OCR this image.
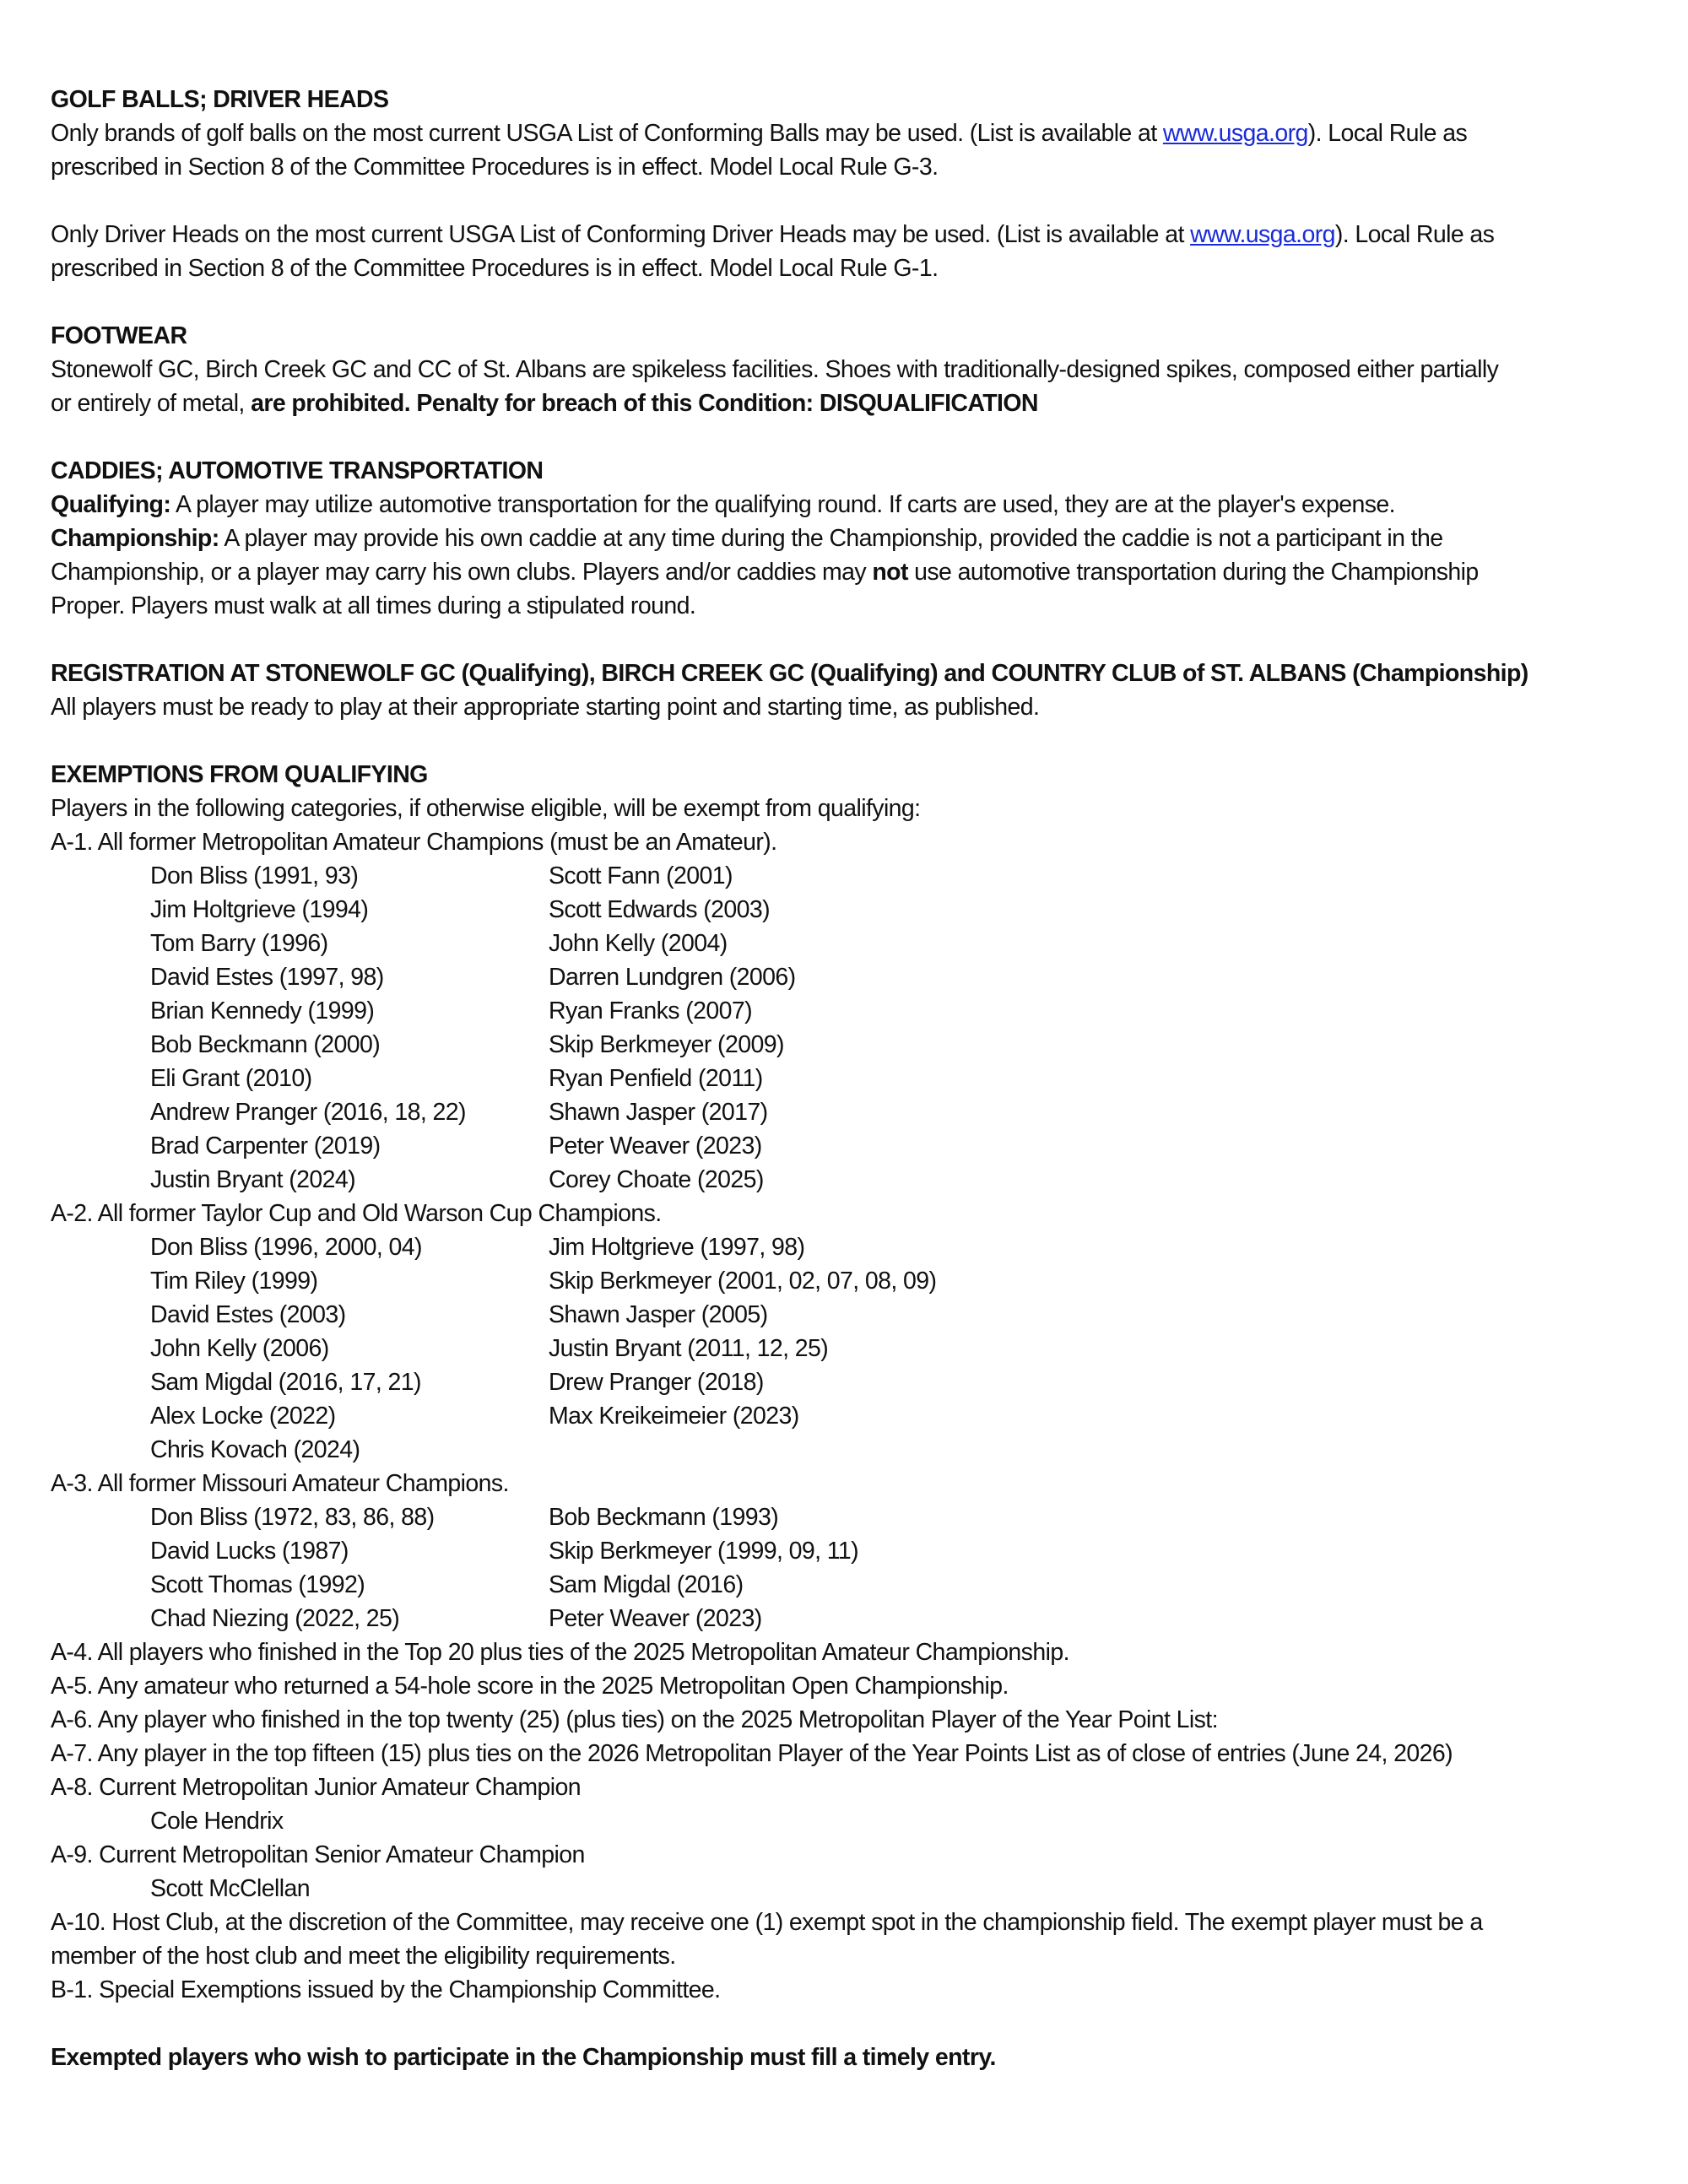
GOLF BALLS; DRIVER HEADS
Only brands of golf balls on the most current USGA List of Conforming Balls may be used. (List is available at www.usga.org). Local Rule as
prescribed in Section 8 of the Committee Procedures is in effect. Model Local Rule G-3.
Only Driver Heads on the most current USGA List of Conforming Driver Heads may be used. (List is available at www.usga.org). Local Rule as
prescribed in Section 8 of the Committee Procedures is in effect. Model Local Rule G-1.
FOOTWEAR
Stonewolf GC, Birch Creek GC and CC of St. Albans are spikeless facilities. Shoes with traditionally-designed spikes, composed either partially
or entirely of metal, are prohibited. Penalty for breach of this Condition: DISQUALIFICATION
CADDIES; AUTOMOTIVE TRANSPORTATION
Qualifying: A player may utilize automotive transportation for the qualifying round. If carts are used, they are at the player's expense.
Championship: A player may provide his own caddie at any time during the Championship, provided the caddie is not a participant in the
Championship, or a player may carry his own clubs. Players and/or caddies may not use automotive transportation during the Championship
Proper. Players must walk at all times during a stipulated round.
REGISTRATION AT STONEWOLF GC (Qualifying), BIRCH CREEK GC (Qualifying) and COUNTRY CLUB of ST. ALBANS (Championship)
All players must be ready to play at their appropriate starting point and starting time, as published.
EXEMPTIONS FROM QUALIFYING
Players in the following categories, if otherwise eligible, will be exempt from qualifying:
A-1. All former Metropolitan Amateur Champions (must be an Amateur).
Don Bliss (1991, 93)	Scott Fann (2001)
Jim Holtgrieve (1994)	Scott Edwards (2003)
Tom Barry (1996)	John Kelly (2004)
David Estes (1997, 98)	Darren Lundgren (2006)
Brian Kennedy (1999)	Ryan Franks (2007)
Bob Beckmann (2000)	Skip Berkmeyer (2009)
Eli Grant (2010)	Ryan Penfield (2011)
Andrew Pranger (2016, 18, 22)	Shawn Jasper (2017)
Brad Carpenter (2019)	Peter Weaver (2023)
Justin Bryant (2024)	Corey Choate (2025)
A-2. All former Taylor Cup and Old Warson Cup Champions.
Don Bliss (1996, 2000, 04)	Jim Holtgrieve (1997, 98)
Tim Riley (1999)	Skip Berkmeyer (2001, 02, 07, 08, 09)
David Estes (2003)	Shawn Jasper (2005)
John Kelly (2006)	Justin Bryant (2011, 12, 25)
Sam Migdal (2016, 17, 21)	Drew Pranger (2018)
Alex Locke (2022)	Max Kreikeimeier (2023)
Chris Kovach (2024)
A-3. All former Missouri Amateur Champions.
Don Bliss (1972, 83, 86, 88)	Bob Beckmann (1993)
David Lucks (1987)	Skip Berkmeyer (1999, 09, 11)
Scott Thomas (1992)	Sam Migdal (2016)
Chad Niezing (2022, 25)	Peter Weaver (2023)
A-4. All players who finished in the Top 20 plus ties of the 2025 Metropolitan Amateur Championship.
A-5. Any amateur who returned a 54-hole score in the 2025 Metropolitan Open Championship.
A-6. Any player who finished in the top twenty (25) (plus ties) on the 2025 Metropolitan Player of the Year Point List:
A-7. Any player in the top fifteen (15) plus ties on the 2026 Metropolitan Player of the Year Points List as of close of entries (June 24, 2026)
A-8. Current Metropolitan Junior Amateur Champion
Cole Hendrix
A-9. Current Metropolitan Senior Amateur Champion
Scott McClellan
A-10. Host Club, at the discretion of the Committee, may receive one (1) exempt spot in the championship field. The exempt player must be a
member of the host club and meet the eligibility requirements.
B-1. Special Exemptions issued by the Championship Committee.
Exempted players who wish to participate in the Championship must fill a timely entry.
